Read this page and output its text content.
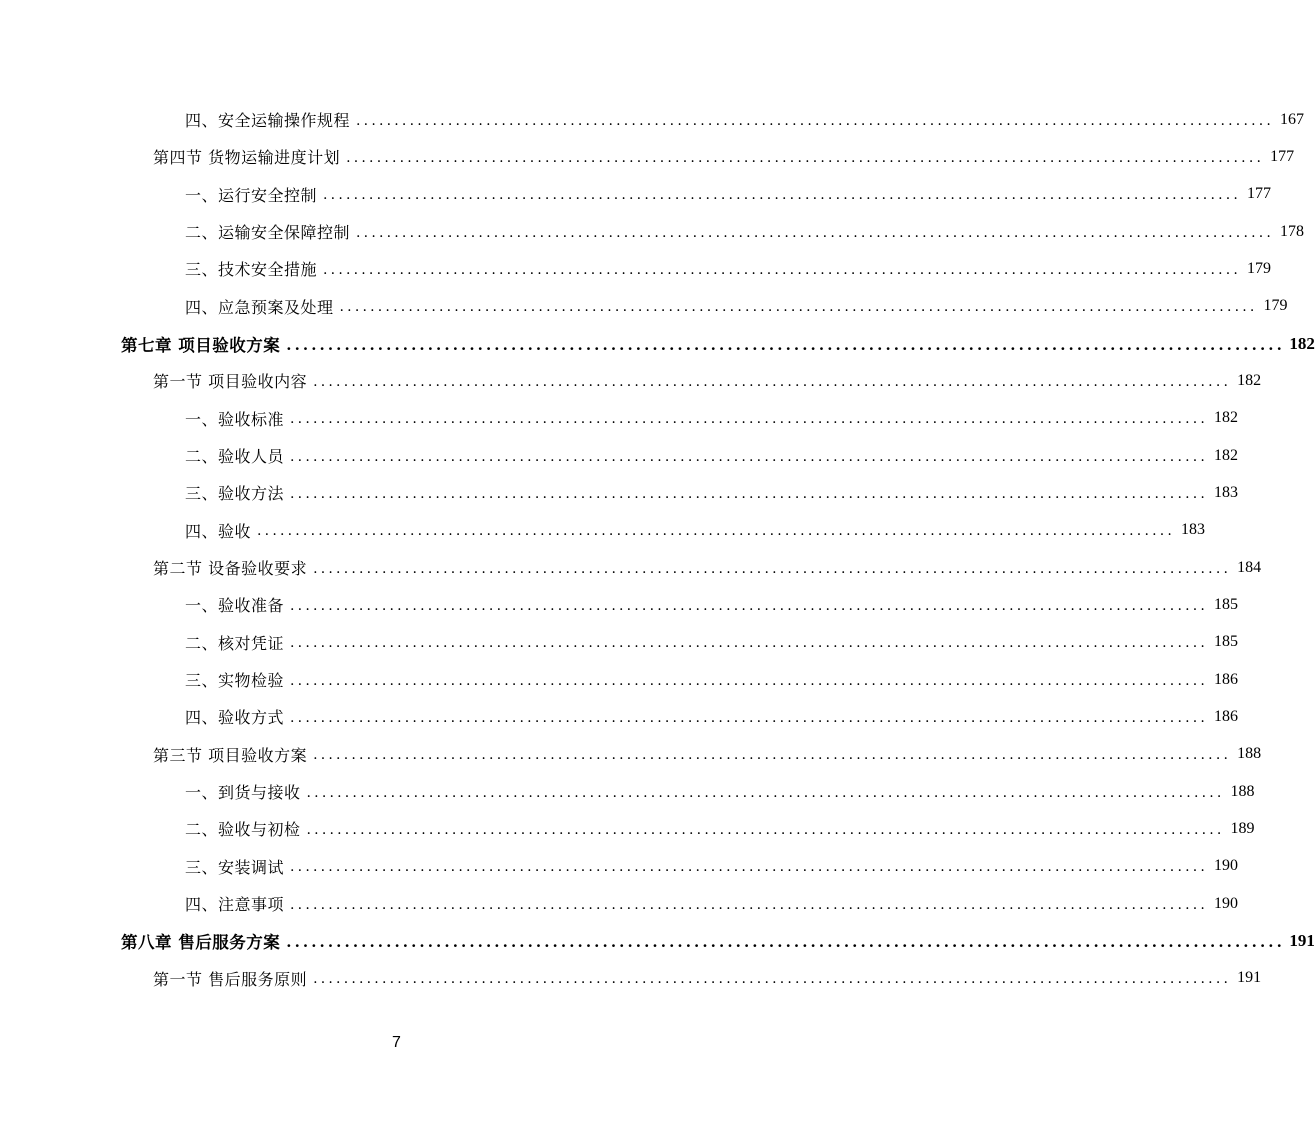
四、安全运输操作规程 ........................................................................................................................ 167
第四节 货物运输进度计划 ........................................................................................................................ 177
一、运行安全控制 ........................................................................................................................ 177
二、运输安全保障控制 ........................................................................................................................ 178
三、技术安全措施 ........................................................................................................................ 179
四、应急预案及处理 ........................................................................................................................ 179
第七章 项目验收方案 ........................................................................................................................ 182
第一节 项目验收内容 ........................................................................................................................ 182
一、验收标准 ........................................................................................................................ 182
二、验收人员 ........................................................................................................................ 182
三、验收方法 ........................................................................................................................ 183
四、验收 ........................................................................................................................ 183
第二节 设备验收要求 ........................................................................................................................ 184
一、验收准备 ........................................................................................................................ 185
二、核对凭证 ........................................................................................................................ 185
三、实物检验 ........................................................................................................................ 186
四、验收方式 ........................................................................................................................ 186
第三节 项目验收方案 ........................................................................................................................ 188
一、到货与接收 ........................................................................................................................ 188
二、验收与初检 ........................................................................................................................ 189
三、安装调试 ........................................................................................................................ 190
四、注意事项 ........................................................................................................................ 190
第八章 售后服务方案 ........................................................................................................................ 191
第一节 售后服务原则 ........................................................................................................................ 191
7
